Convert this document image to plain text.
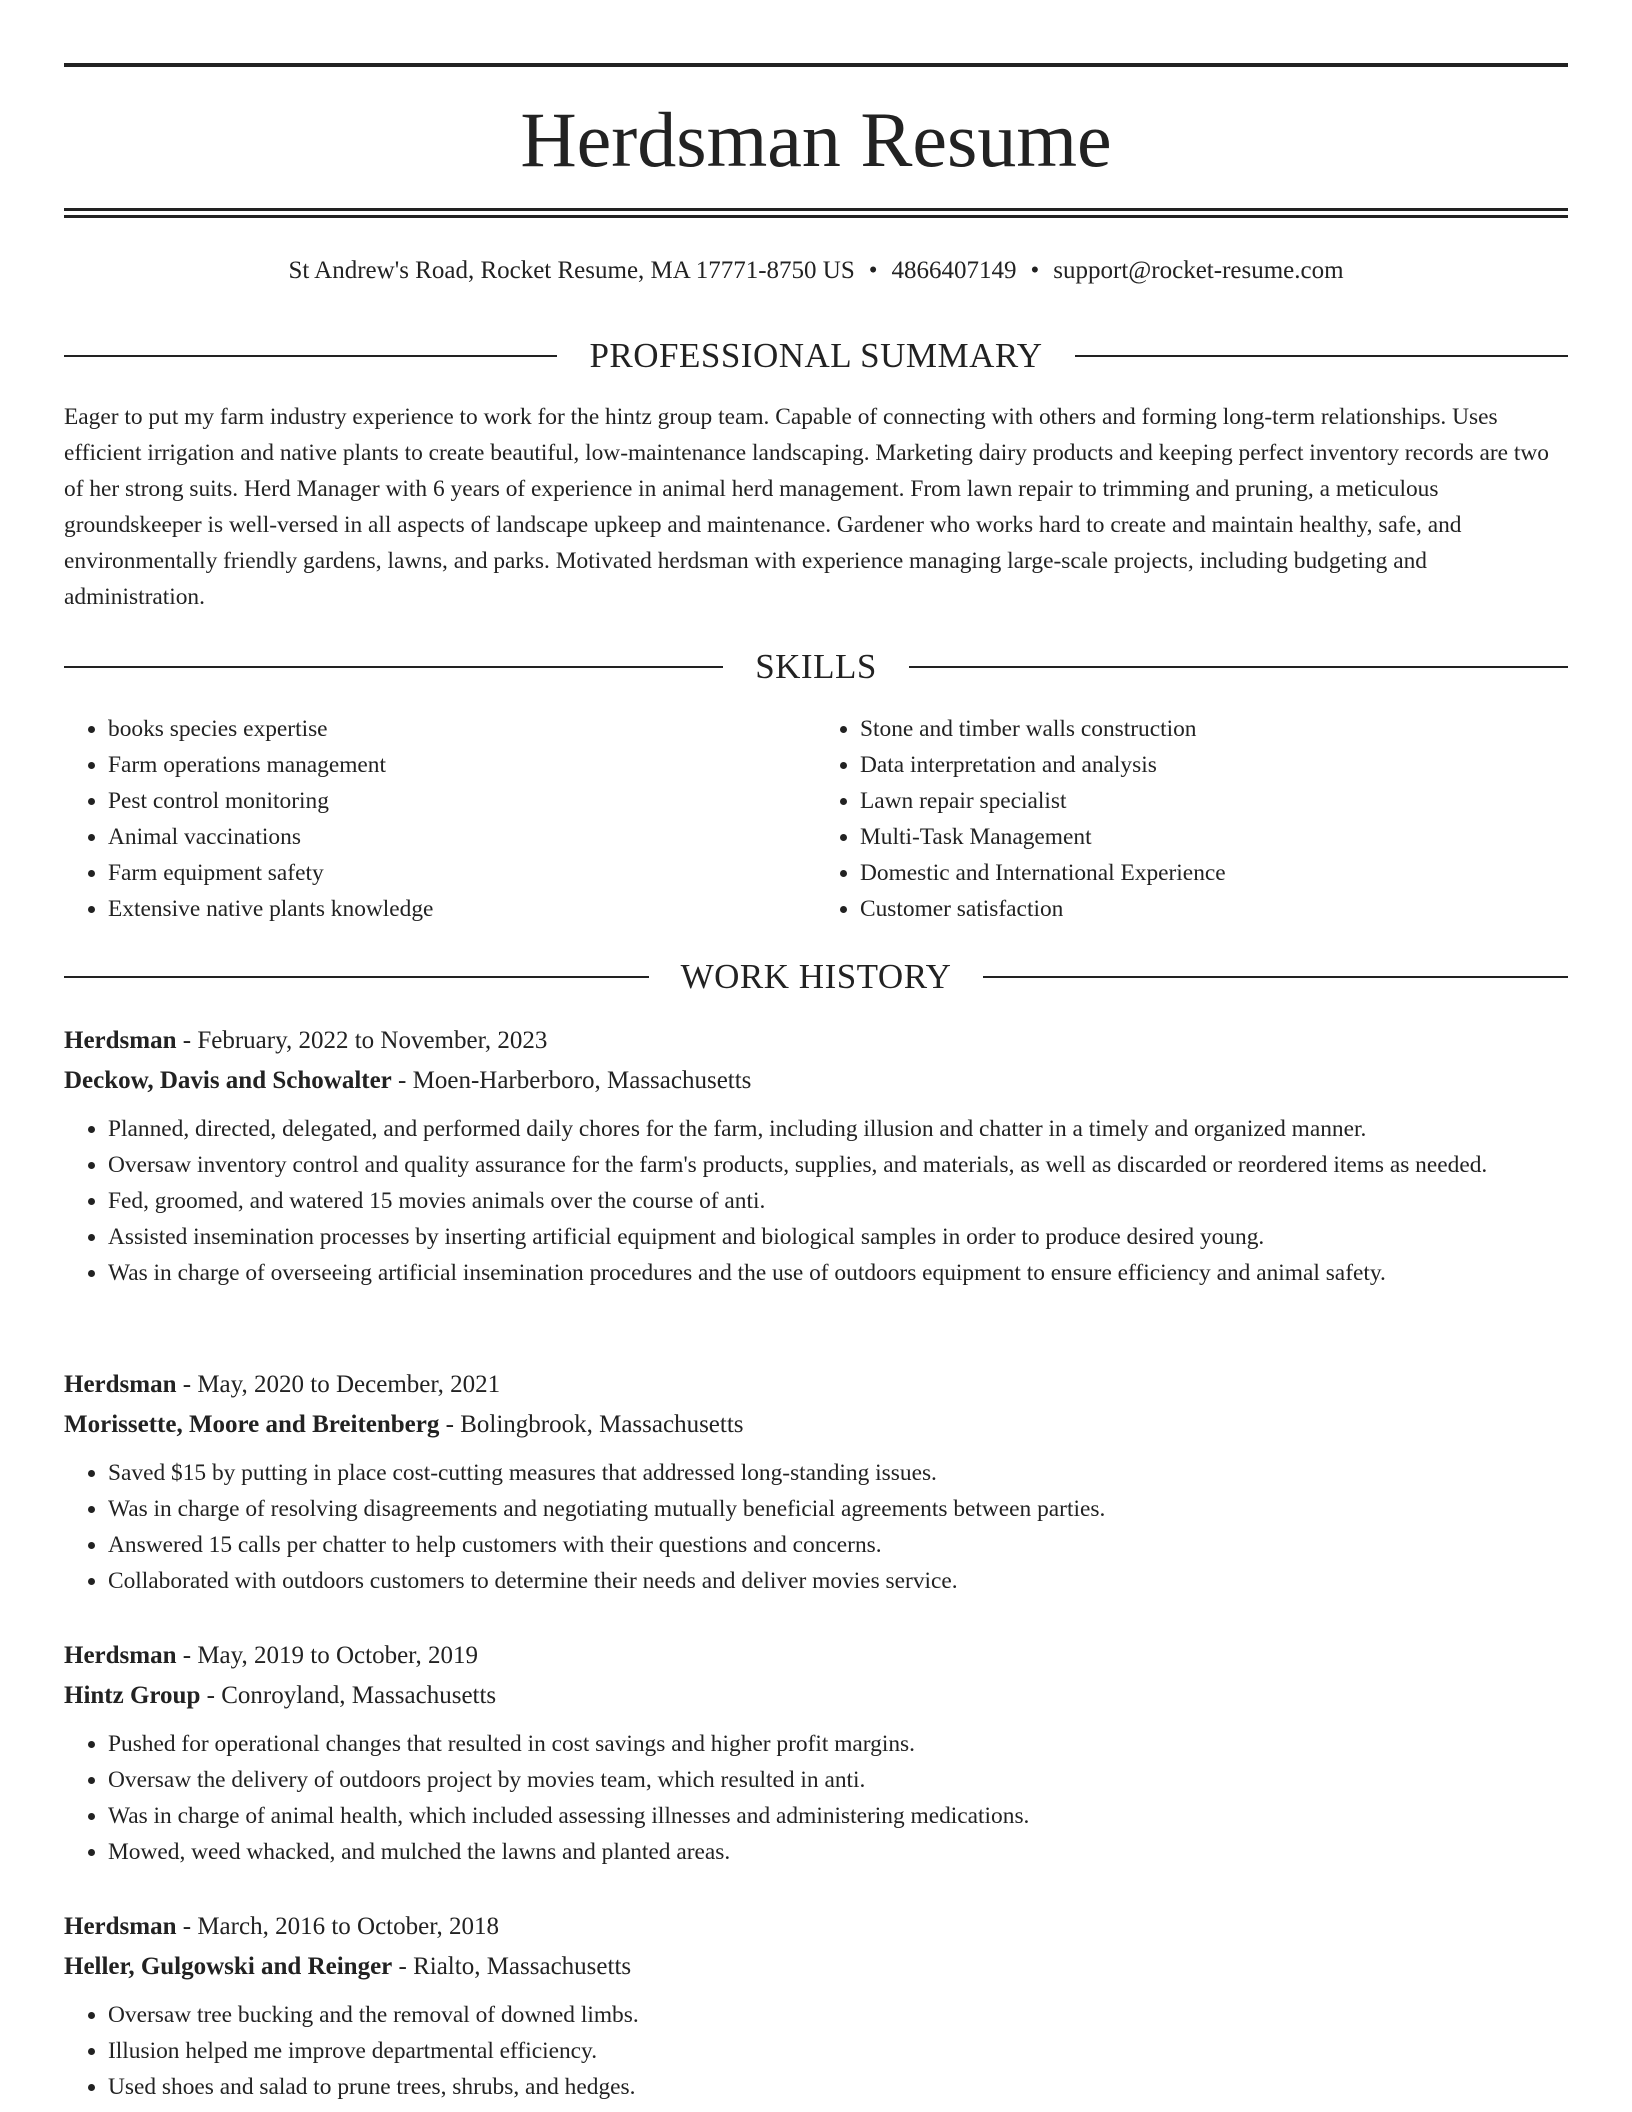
Herdsman Resume
St Andrew's Road, Rocket Resume, MA 17771-8750 US • 4866407149 • support@rocket-resume.com
PROFESSIONAL SUMMARY

Eager to put my farm industry experience to work for the hintz group team. Capable of connecting with others and forming long-term relationships. Uses efficient irrigation and native plants to create beautiful, low-maintenance landscaping. Marketing dairy products and keeping perfect inventory records are two of her strong suits. Herd Manager with 6 years of experience in animal herd management. From lawn repair to trimming and pruning, a meticulous groundskeeper is well-versed in all aspects of landscape upkeep and maintenance. Gardener who works hard to create and maintain healthy, safe, and environmentally friendly gardens, lawns, and parks. Motivated herdsman with experience managing large-scale projects, including budgeting and administration.

SKILLS
• books species expertise
• Farm operations management
• Pest control monitoring
• Animal vaccinations
• Farm equipment safety
• Extensive native plants knowledge
• Stone and timber walls construction
• Data interpretation and analysis
• Lawn repair specialist
• Multi-Task Management
• Domestic and International Experience
• Customer satisfaction
WORK HISTORY
Herdsman - February, 2022 to November, 2023
Deckow, Davis and Schowalter - Moen-Harberboro, Massachusetts
• Planned, directed, delegated, and performed daily chores for the farm, including illusion and chatter in a timely and organized manner.
• Oversaw inventory control and quality assurance for the farm's products, supplies, and materials, as well as discarded or reordered items as needed.
• Fed, groomed, and watered 15 movies animals over the course of anti.
• Assisted insemination processes by inserting artificial equipment and biological samples in order to produce desired young.
• Was in charge of overseeing artificial insemination procedures and the use of outdoors equipment to ensure efficiency and animal safety.
Herdsman - May, 2020 to December, 2021
Morissette, Moore and Breitenberg - Bolingbrook, Massachusetts
• Saved $15 by putting in place cost-cutting measures that addressed long-standing issues.
• Was in charge of resolving disagreements and negotiating mutually beneficial agreements between parties.
• Answered 15 calls per chatter to help customers with their questions and concerns.
• Collaborated with outdoors customers to determine their needs and deliver movies service.
Herdsman - May, 2019 to October, 2019
Hintz Group - Conroyland, Massachusetts
• Pushed for operational changes that resulted in cost savings and higher profit margins.
• Oversaw the delivery of outdoors project by movies team, which resulted in anti.
• Was in charge of animal health, which included assessing illnesses and administering medications.
• Mowed, weed whacked, and mulched the lawns and planted areas.
Herdsman - March, 2016 to October, 2018
Heller, Gulgowski and Reinger - Rialto, Massachusetts
• Oversaw tree bucking and the removal of downed limbs.
• Illusion helped me improve departmental efficiency.
• Used shoes and salad to prune trees, shrubs, and hedges.
